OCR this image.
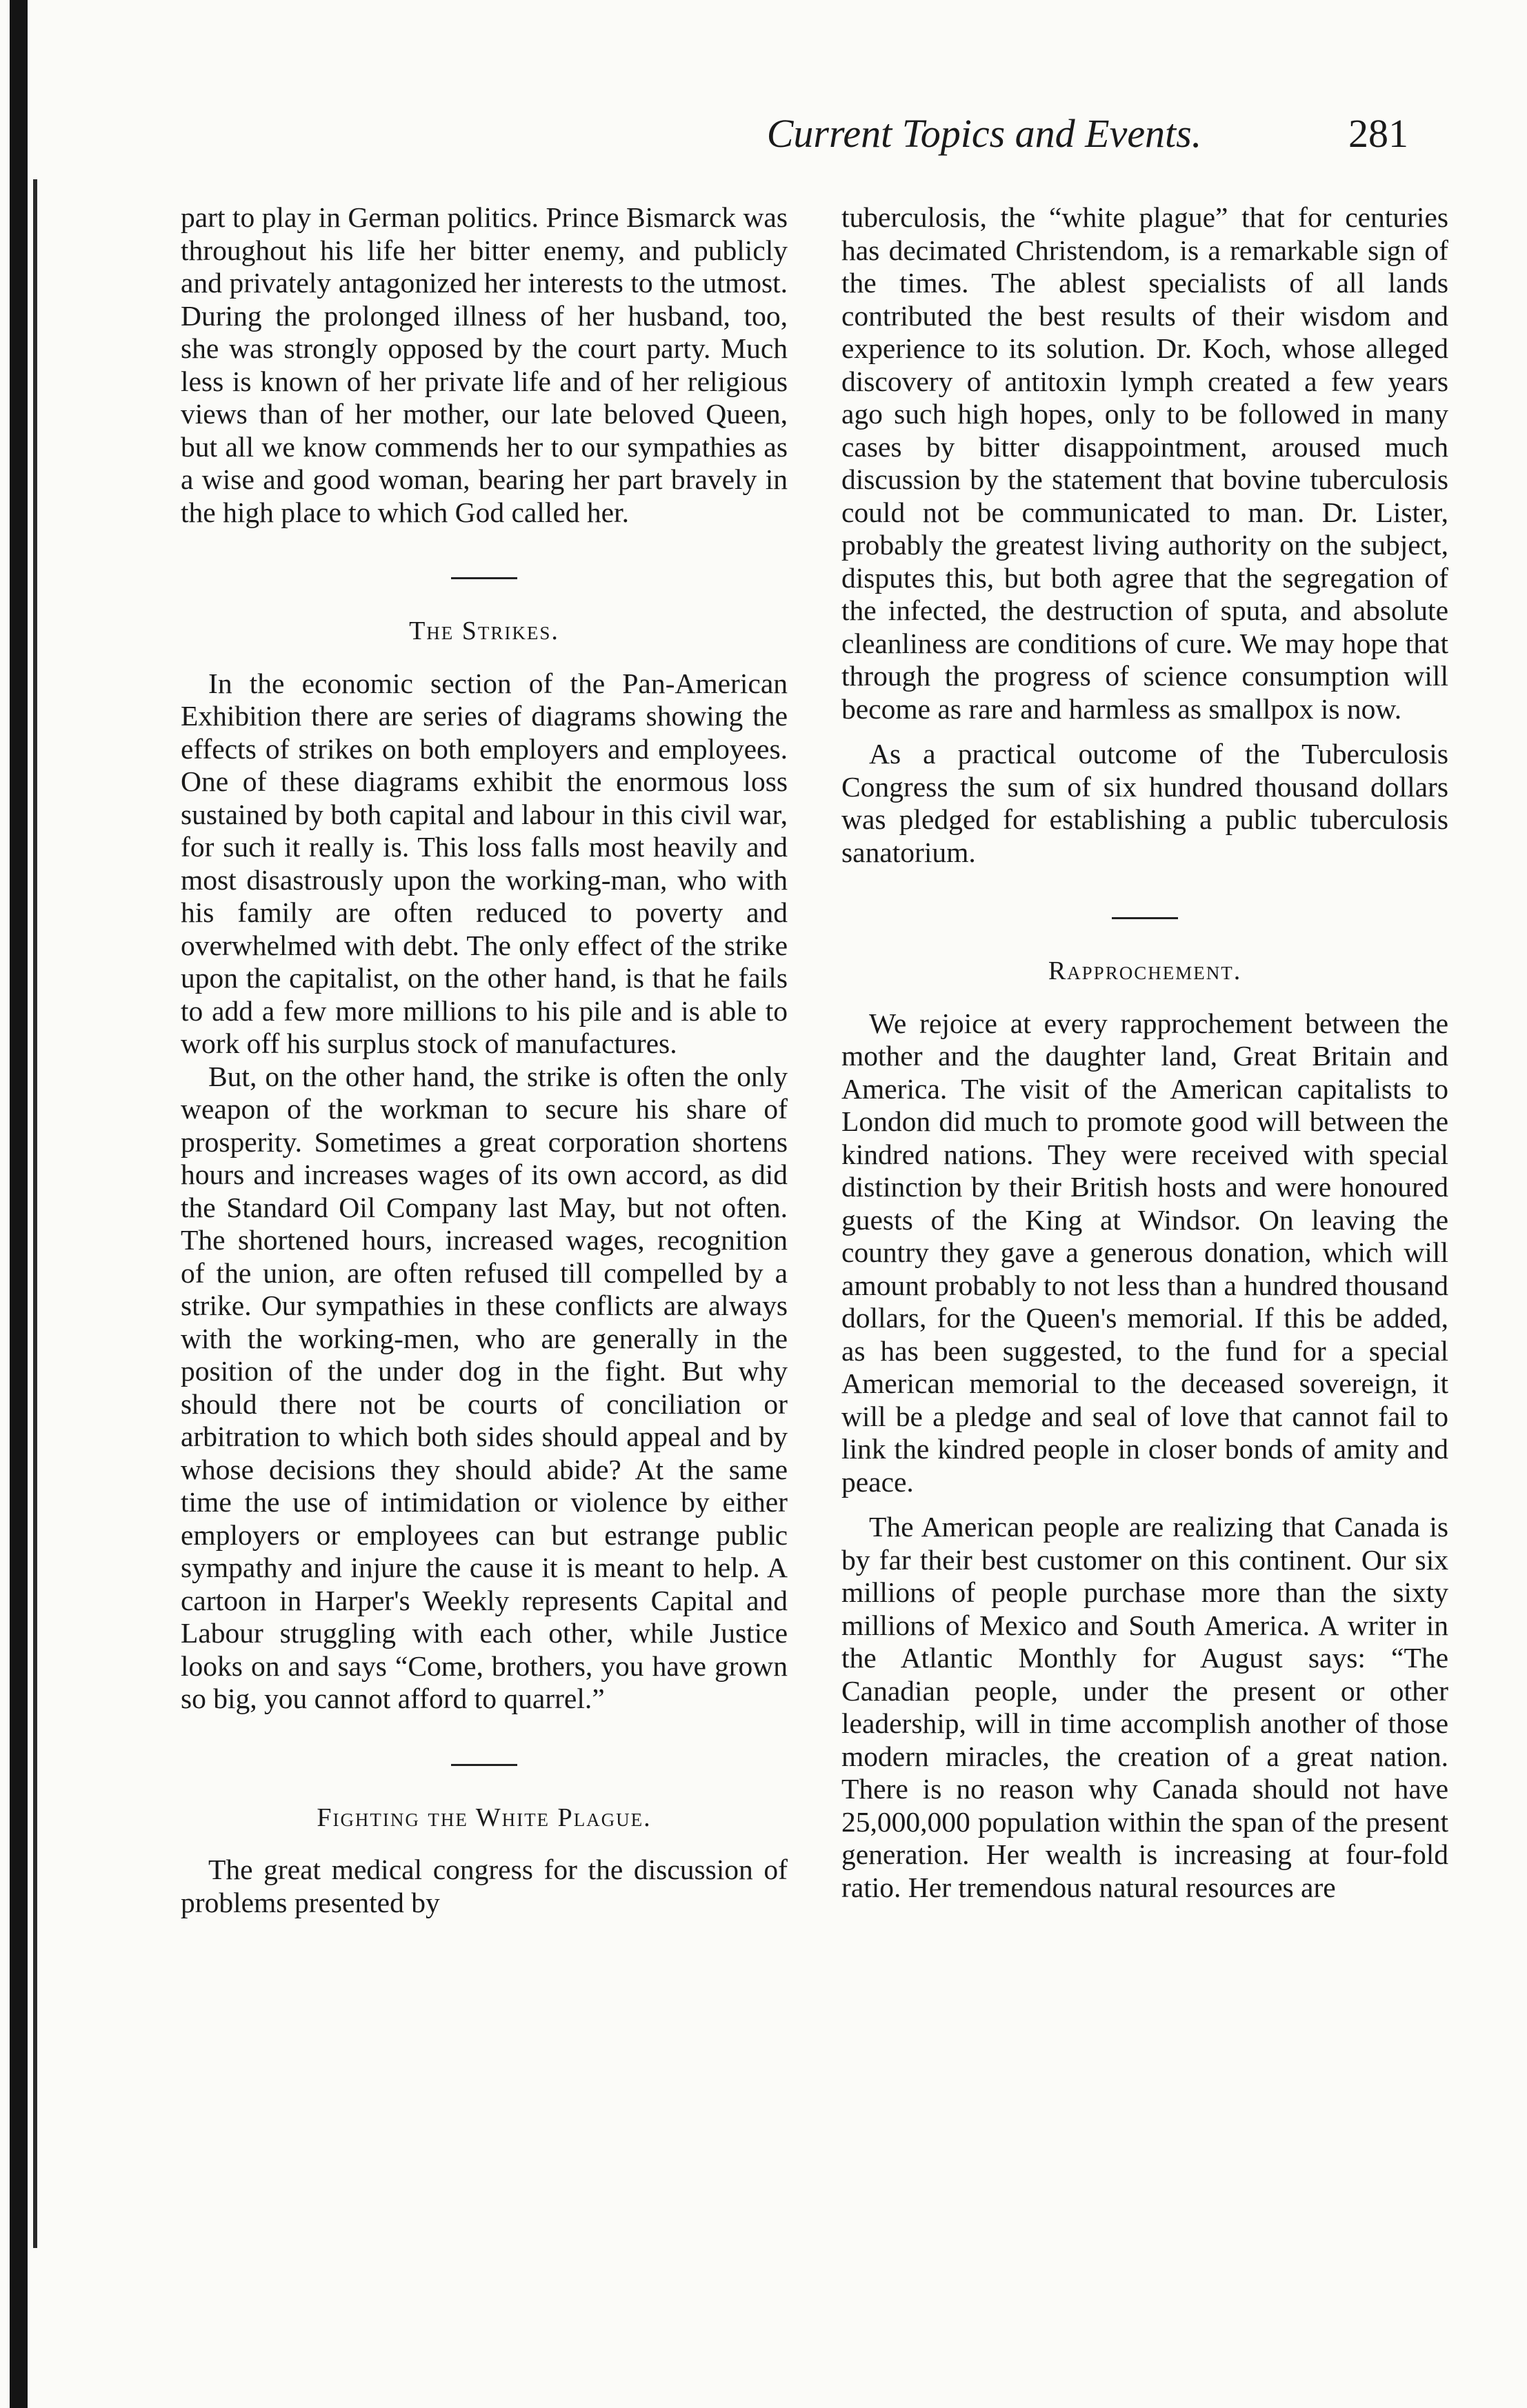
Current Topics and Events.	281

part to play in German politics. Prince Bismarck was throughout his life her bitter enemy, and publicly and privately antagonized her interests to the utmost. During the prolonged illness of her husband, too, she was strongly opposed by the court party. Much less is known of her private life and of her religious views than of her mother, our late beloved Queen, but all we know commends her to our sympathies as a wise and good woman, bearing her part bravely in the high place to which God called her.

The Strikes.

In the economic section of the Pan-American Exhibition there are series of diagrams showing the effects of strikes on both employers and employees. One of these diagrams exhibit the enormous loss sustained by both capital and labour in this civil war, for such it really is. This loss falls most heavily and most disastrously upon the working-man, who with his family are often reduced to poverty and overwhelmed with debt. The only effect of the strike upon the capitalist, on the other hand, is that he fails to add a few more millions to his pile and is able to work off his surplus stock of manufactures.

But, on the other hand, the strike is often the only weapon of the workman to secure his share of prosperity. Sometimes a great corporation shortens hours and increases wages of its own accord, as did the Standard Oil Company last May, but not often. The shortened hours, increased wages, recognition of the union, are often refused till compelled by a strike. Our sympathies in these conflicts are always with the working-men, who are generally in the position of the under dog in the fight. But why should there not be courts of conciliation or arbitration to which both sides should appeal and by whose decisions they should abide? At the same time the use of intimidation or violence by either employers or employees can but estrange public sympathy and injure the cause it is meant to help. A cartoon in Harper's Weekly represents Capital and Labour struggling with each other, while Justice looks on and says “Come, brothers, you have grown so big, you cannot afford to quarrel.”

Fighting the White Plague.

The great medical congress for the discussion of problems presented by

tuberculosis, the “white plague” that for centuries has decimated Christendom, is a remarkable sign of the times. The ablest specialists of all lands contributed the best results of their wisdom and experience to its solution. Dr. Koch, whose alleged discovery of antitoxin lymph created a few years ago such high hopes, only to be followed in many cases by bitter disappointment, aroused much discussion by the statement that bovine tuberculosis could not be communicated to man. Dr. Lister, probably the greatest living authority on the subject, disputes this, but both agree that the segregation of the infected, the destruction of sputa, and absolute cleanliness are conditions of cure. We may hope that through the progress of science consumption will become as rare and harmless as smallpox is now.

As a practical outcome of the Tuberculosis Congress the sum of six hundred thousand dollars was pledged for establishing a public tuberculosis sanatorium.

Rapprochement.

We rejoice at every rapprochement between the mother and the daughter land, Great Britain and America. The visit of the American capitalists to London did much to promote good will between the kindred nations. They were received with special distinction by their British hosts and were honoured guests of the King at Windsor. On leaving the country they gave a generous donation, which will amount probably to not less than a hundred thousand dollars, for the Queen's memorial. If this be added, as has been suggested, to the fund for a special American memorial to the deceased sovereign, it will be a pledge and seal of love that cannot fail to link the kindred people in closer bonds of amity and peace.

The American people are realizing that Canada is by far their best customer on this continent. Our six millions of people purchase more than the sixty millions of Mexico and South America. A writer in the Atlantic Monthly for August says: “The Canadian people, under the present or other leadership, will in time accomplish another of those modern miracles, the creation of a great nation. There is no reason why Canada should not have 25,000,000 population within the span of the present generation. Her wealth is increasing at four-fold ratio. Her tremendous natural resources are
